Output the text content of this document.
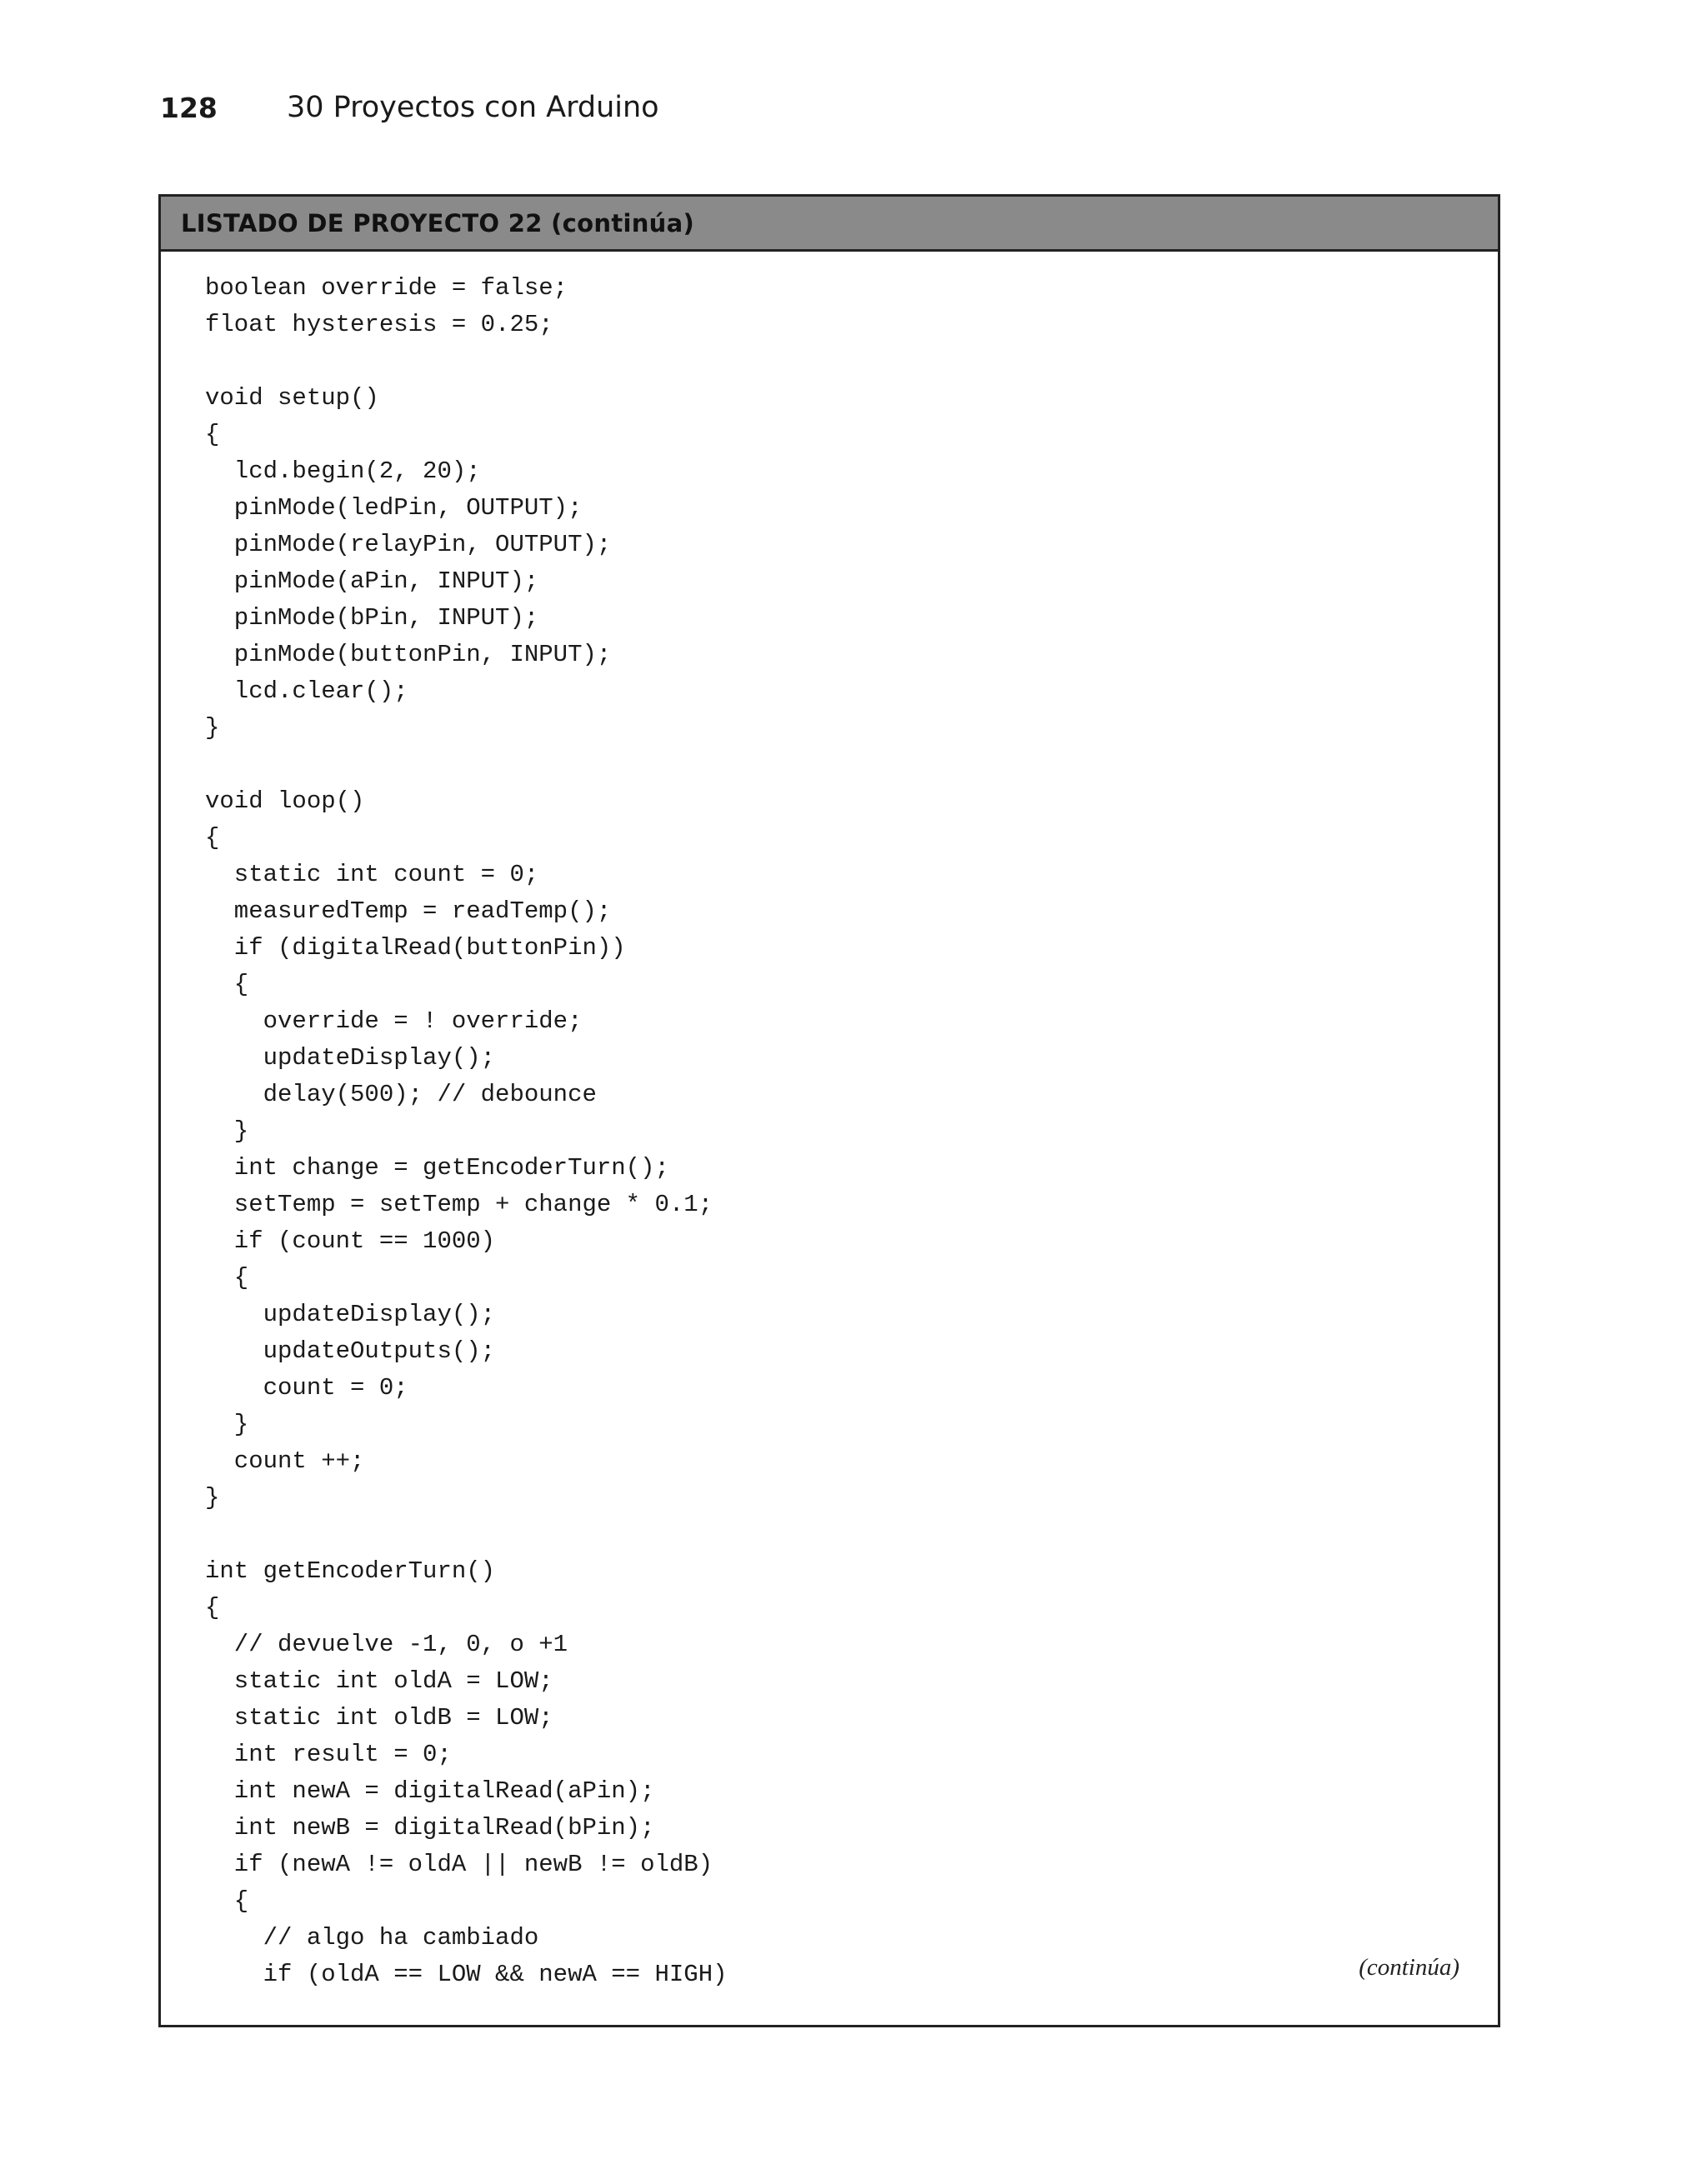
128	30 Proyectos con Arduino
LISTADO DE PROYECTO 22 (continúa)
boolean override = false;
float hysteresis = 0.25;
void setup()
{
lcd.begin(2, 20);
pinMode(ledPin, OUTPUT);
pinMode(relayPin, OUTPUT);
pinMode(aPin, INPUT);
pinMode(bPin, INPUT);
pinMode(buttonPin, INPUT);
lcd.clear();
}
void loop()
{
static int count = 0;
measuredTemp = readTemp();
if (digitalRead(buttonPin))
{
override = ! override;
updateDisplay();
delay(500); // debounce
}
int change = getEncoderTurn();
setTemp = setTemp + change * 0.1;
if (count == 1000)
{
updateDisplay();
updateOutputs();
count = 0;
}
count ++;
}
int getEncoderTurn()
{
// devuelve -1, 0, o +1
static int oldA = LOW;
static int oldB = LOW;
int result = 0;
int newA = digitalRead(aPin);
int newB = digitalRead(bPin);
if (newA != oldA || newB != oldB)
{
// algo ha cambiado
if (oldA == LOW && newA == HIGH)	(continúa)
